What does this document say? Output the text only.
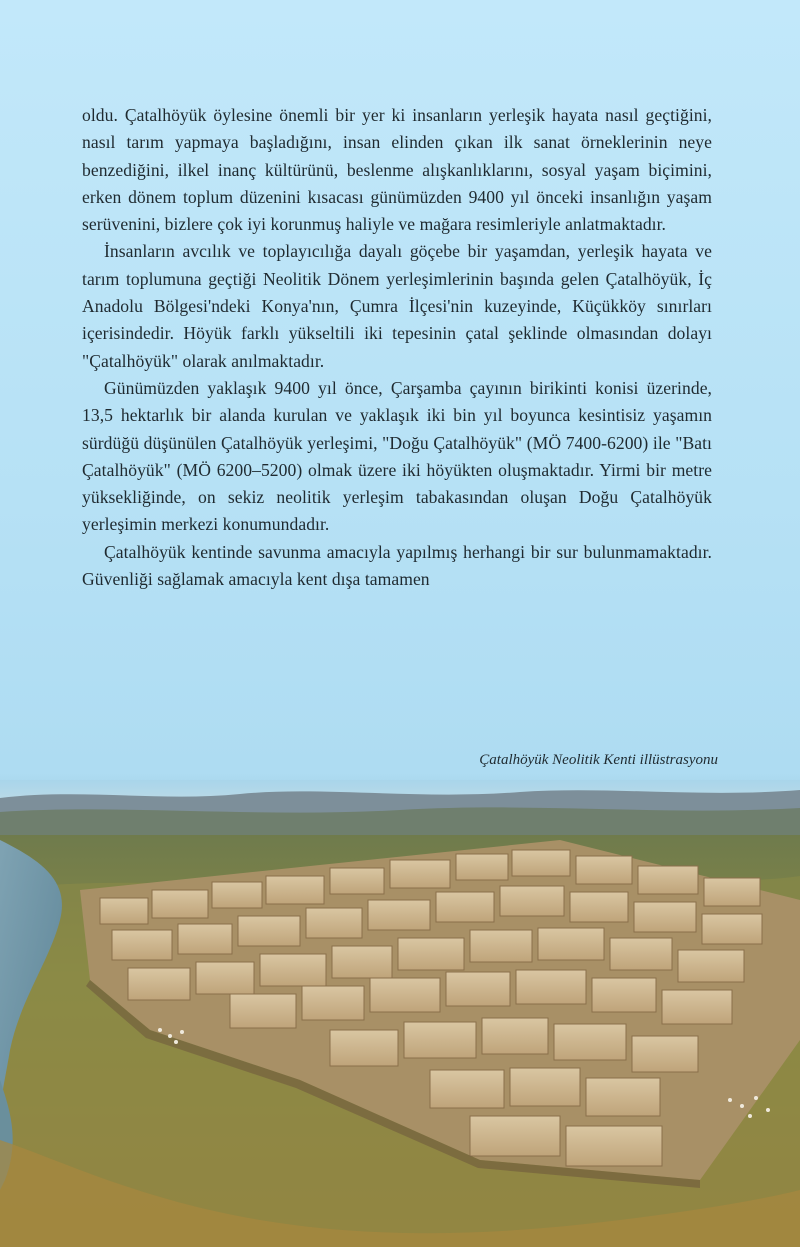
oldu. Çatalhöyük öylesine önemli bir yer ki insanların yerleşik hayata nasıl geçtiğini, nasıl tarım yapmaya başladığını, insan elinden çıkan ilk sanat örneklerinin neye benzediğini, ilkel inanç kültürünü, beslenme alışkanlıklarını, sosyal yaşam biçimini, erken dönem toplum düzenini kısacası günümüzden 9400 yıl önceki insanlığın yaşam serüvenini, bizlere çok iyi korunmuş haliyle ve mağara resimleriyle anlatmaktadır.

İnsanların avcılık ve toplayıcılığa dayalı göçebe bir yaşamdan, yerleşik hayata ve tarım toplumuna geçtiği Neolitik Dönem yerleşimlerinin başında gelen Çatalhöyük, İç Anadolu Bölgesi'ndeki Konya'nın, Çumra İlçesi'nin kuzeyinde, Küçükköy sınırları içerisindedir. Höyük farklı yükseltili iki tepesinin çatal şeklinde olmasından dolayı "Çatalhöyük" olarak anılmaktadır.

Günümüzden yaklaşık 9400 yıl önce, Çarşamba çayının birikinti konisi üzerinde, 13,5 hektarlık bir alanda kurulan ve yaklaşık iki bin yıl boyunca kesintisiz yaşamın sürdüğü düşünülen Çatalhöyük yerleşimi, "Doğu Çatalhöyük" (MÖ 7400-6200) ile "Batı Çatalhöyük" (MÖ 6200–5200) olmak üzere iki höyükten oluşmaktadır. Yirmi bir metre yüksekliğinde, on sekiz neolitik yerleşim tabakasından oluşan Doğu Çatalhöyük yerleşimin merkezi konumundadır.

Çatalhöyük kentinde savunma amacıyla yapılmış herhangi bir sur bulunmamaktadır. Güvenliği sağlamak amacıyla kent dışa tamamen

Çatalhöyük Neolitik Kenti illüstrasyonu
